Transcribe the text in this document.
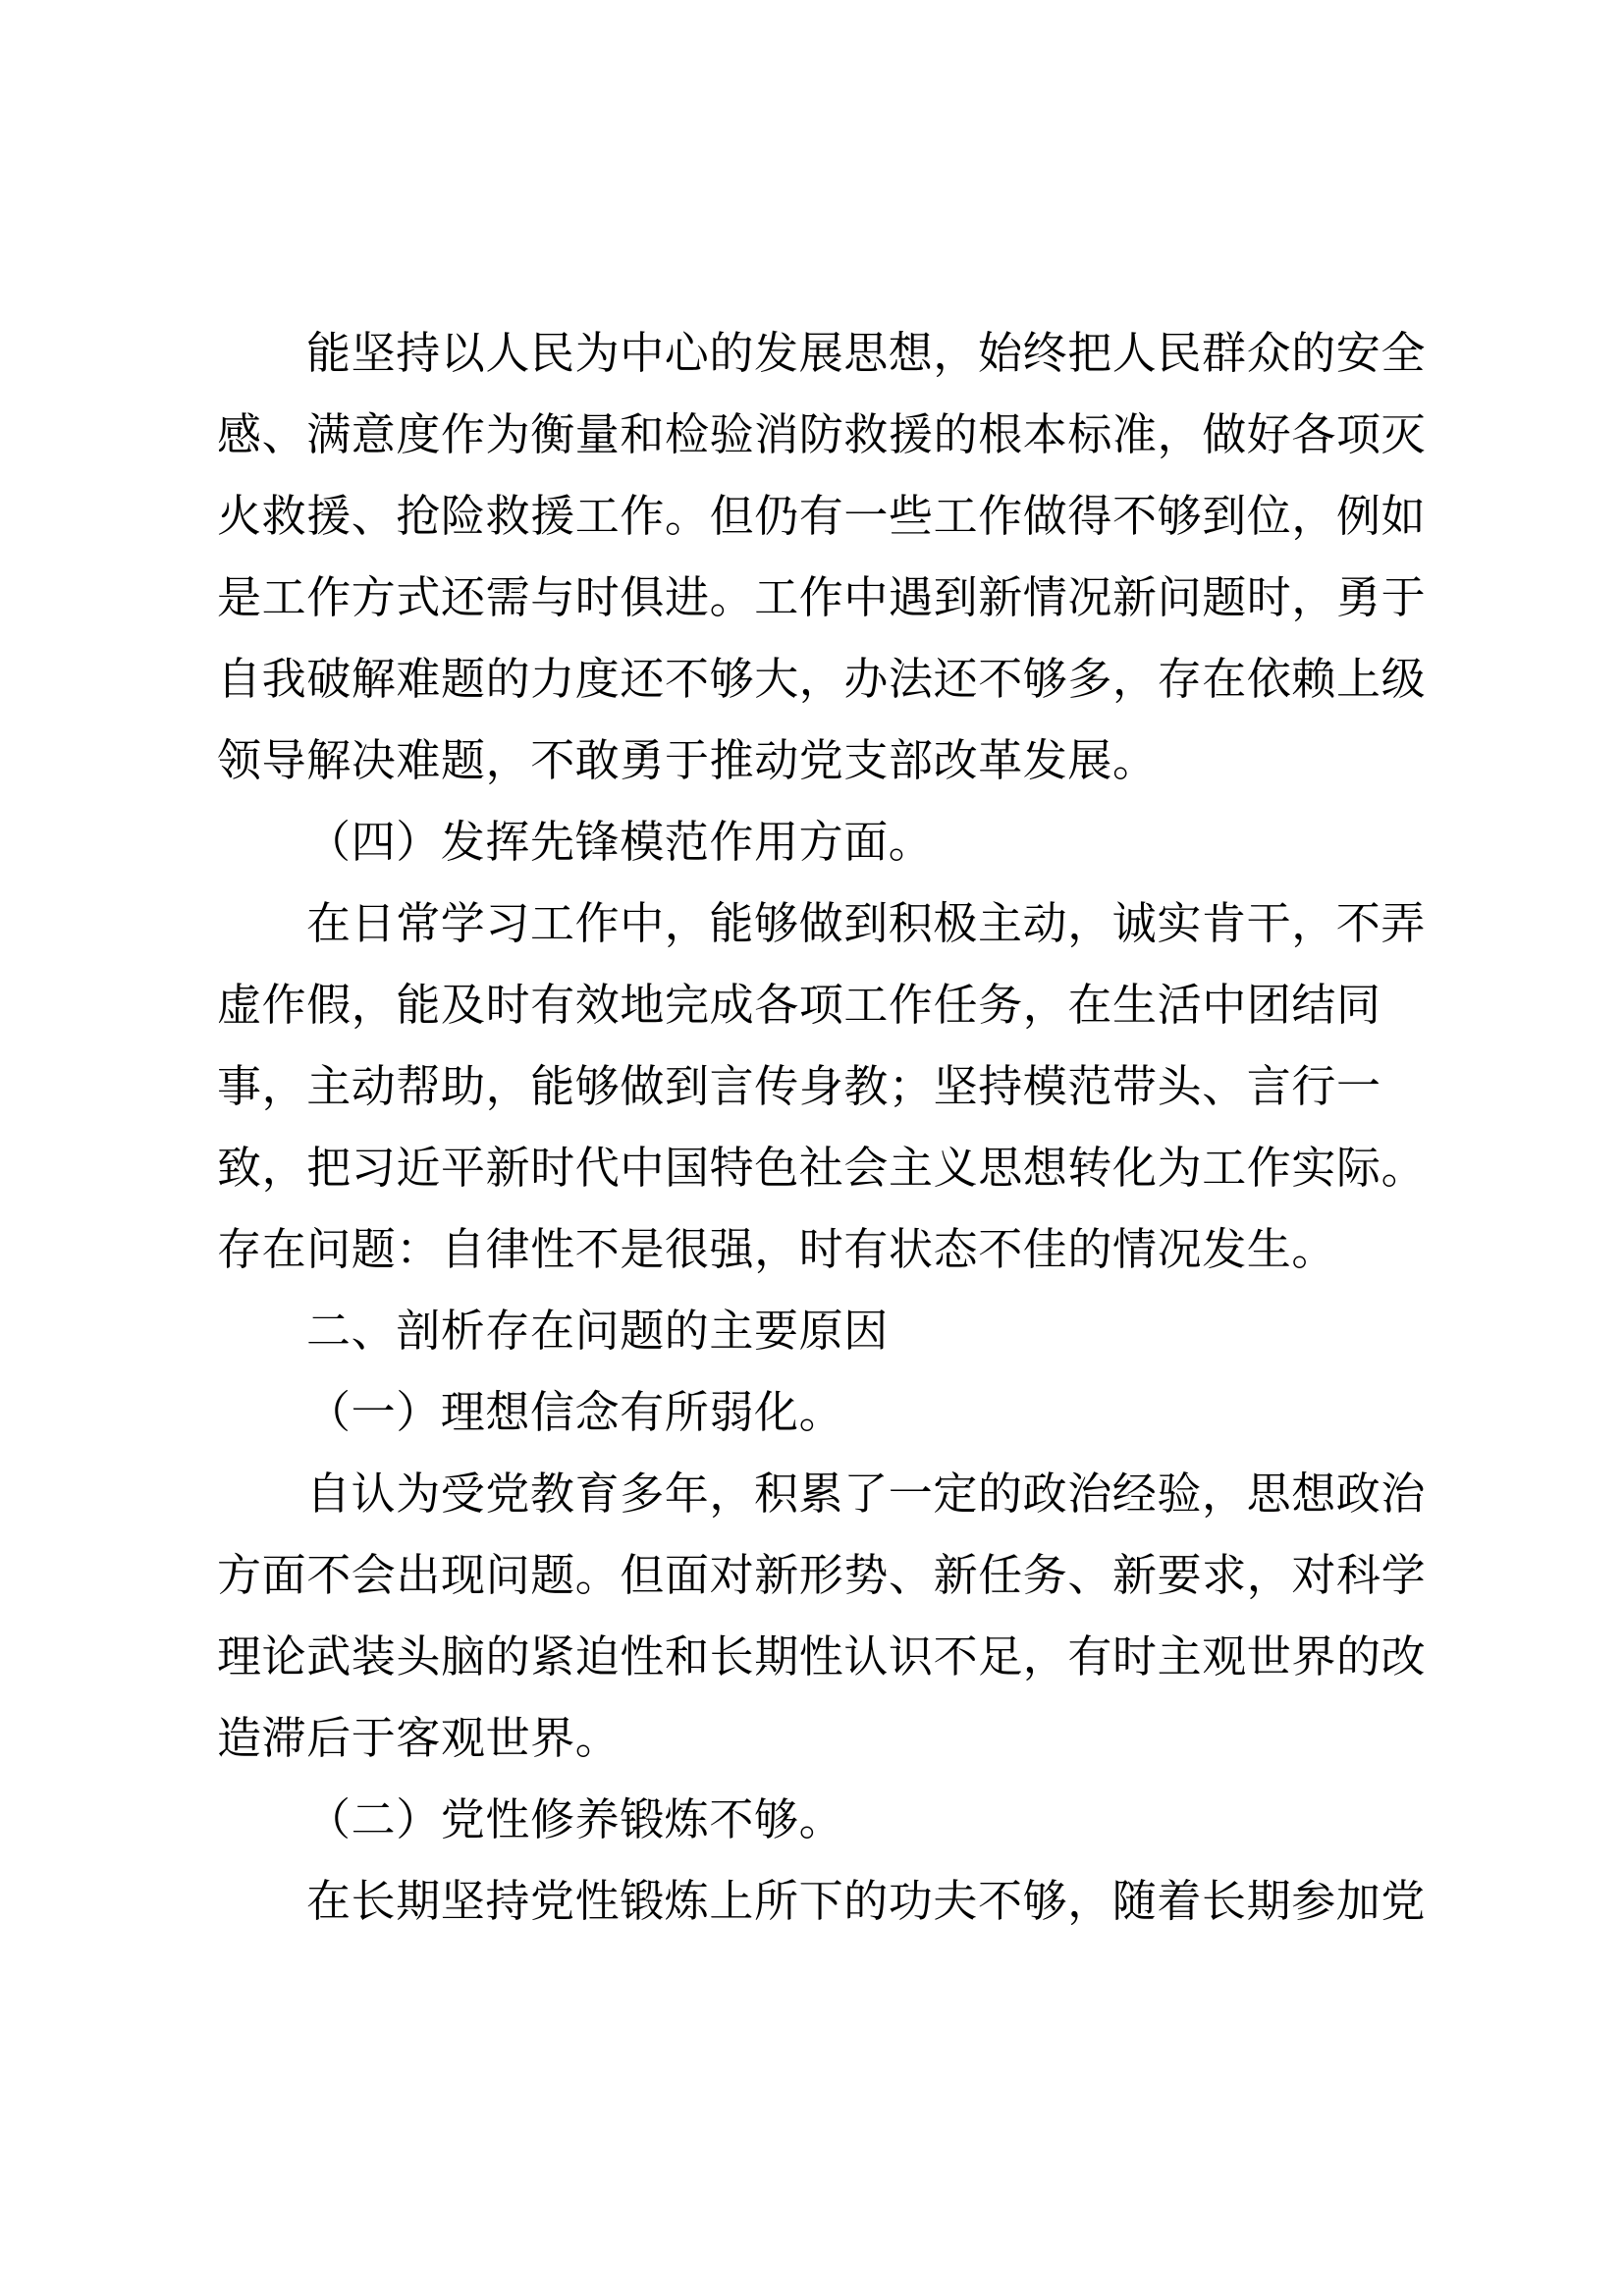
能坚持以人民为中心的发展思想，始终把人民群众的安全
感、满意度作为衡量和检验消防救援的根本标准，做好各项灭
火救援、抢险救援工作。但仍有一些工作做得不够到位，例如
是工作方式还需与时俱进。工作中遇到新情况新问题时，勇于
自我破解难题的力度还不够大，办法还不够多，存在依赖上级
领导解决难题，不敢勇于推动党支部改革发展。
（四）发挥先锋模范作用方面。
在日常学习工作中，能够做到积极主动，诚实肯干，不弄
虚作假，能及时有效地完成各项工作任务，在生活中团结同
事，主动帮助，能够做到言传身教；坚持模范带头、言行一
致，把习近平新时代中国特色社会主义思想转化为工作实际。
存在问题：自律性不是很强，时有状态不佳的情况发生。
二、剖析存在问题的主要原因
（一）理想信念有所弱化。
自认为受党教育多年，积累了一定的政治经验，思想政治
方面不会出现问题。但面对新形势、新任务、新要求，对科学
理论武装头脑的紧迫性和长期性认识不足，有时主观世界的改
造滞后于客观世界。
（二）党性修养锻炼不够。
在长期坚持党性锻炼上所下的功夫不够，随着长期参加党
